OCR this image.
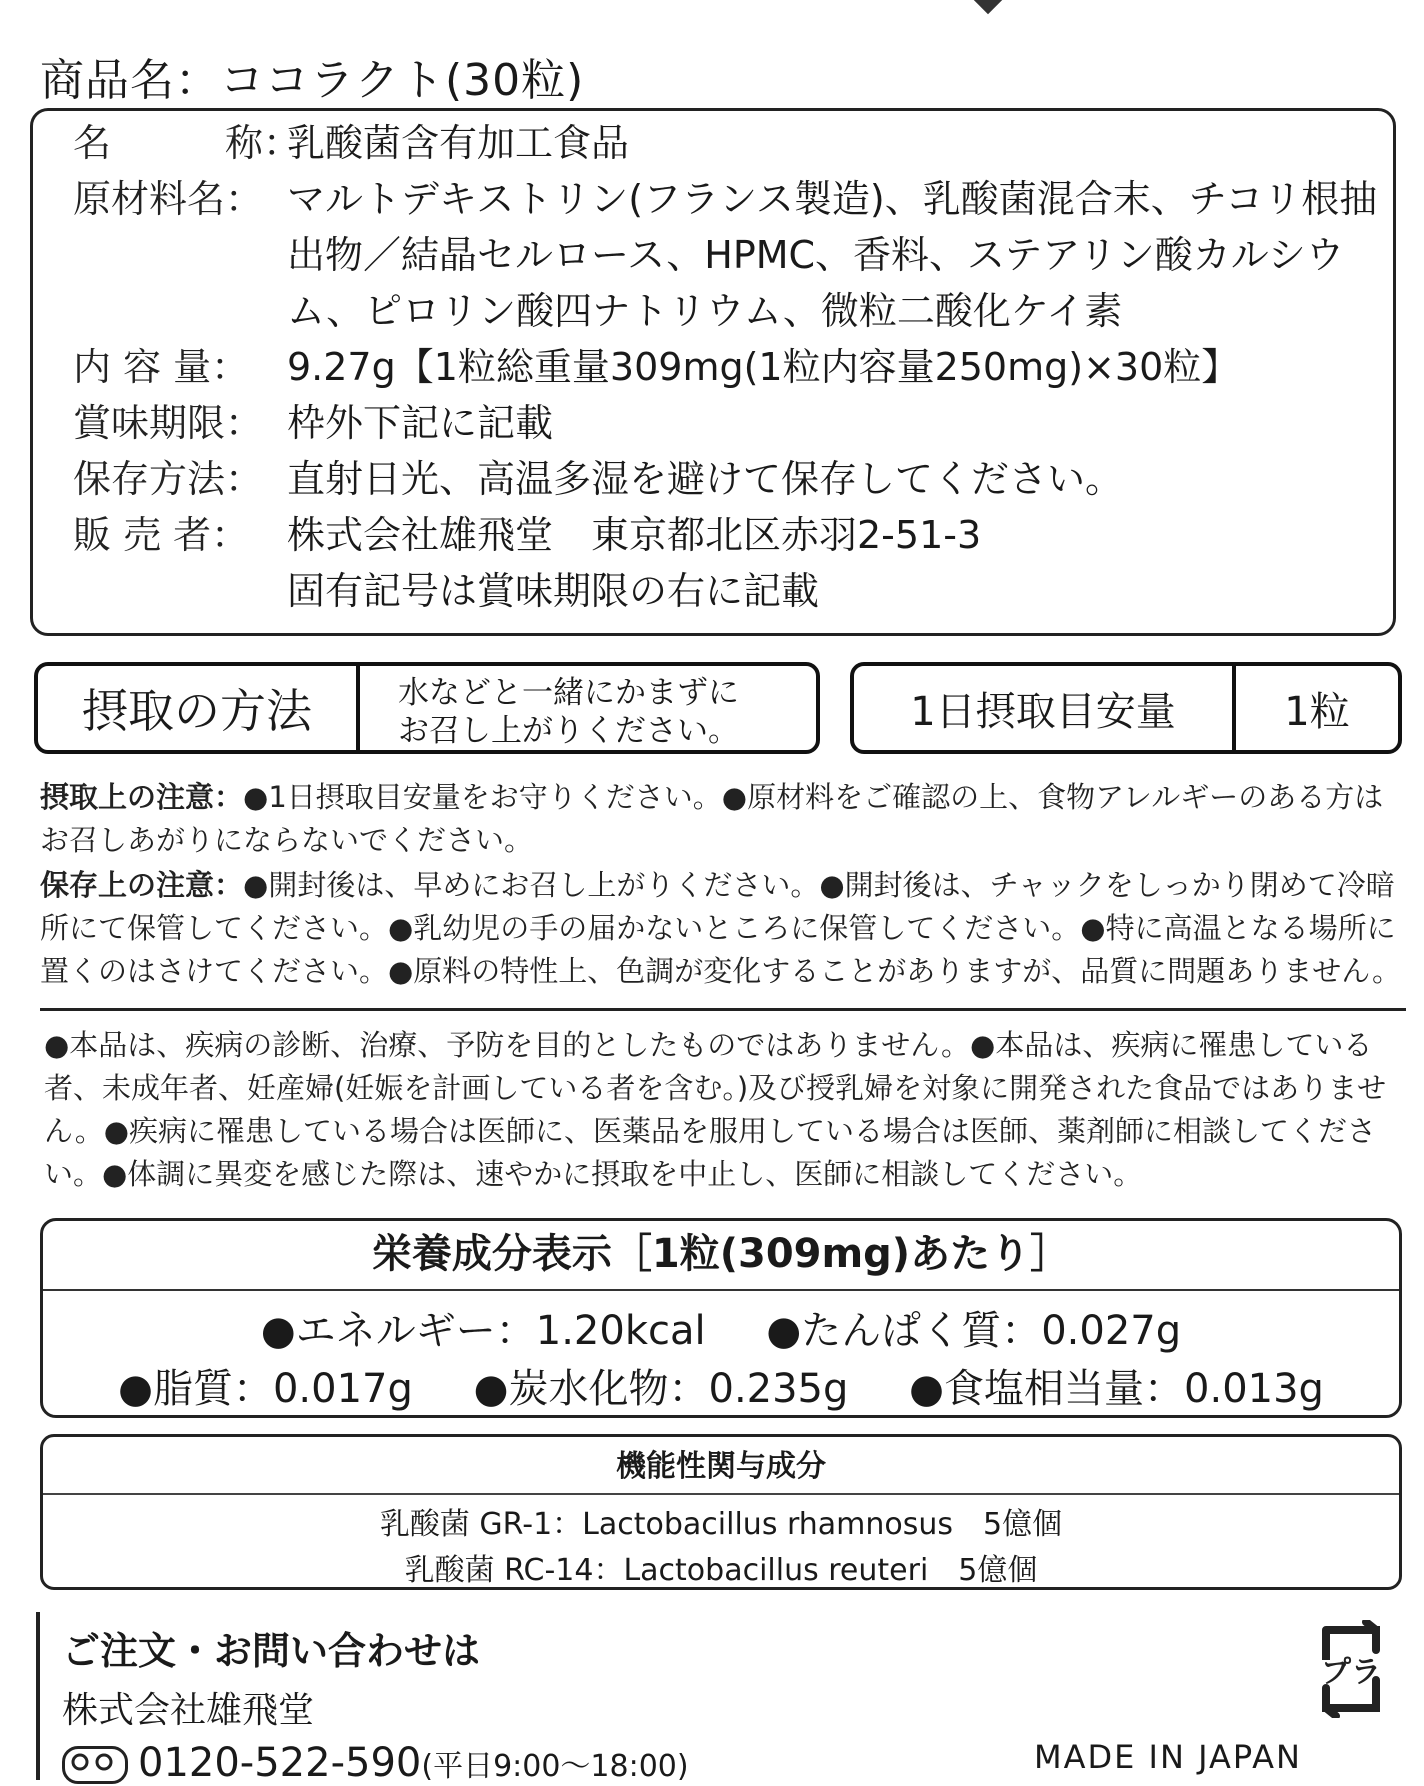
商品名：ココラクト(30粒)
名　　　称：
乳酸菌含有加工食品
原材料名： マルトデキストリン(フランス製造)、乳酸菌混合末、チコリ根抽出物／結晶セルロース、HPMC、香料、ステアリン酸カルシウム、ピロリン酸四ナトリウム、微粒二酸化ケイ素
内 容 量： 9.27g【1粒総重量309mg(1粒内容量250mg)×30粒】
賞味期限： 枠外下記に記載
保存方法： 直射日光、高温多湿を避けて保存してください。
販 売 者： 株式会社雄飛堂　東京都北区赤羽2-51-3
固有記号は賞味期限の右に記載
摂取の方法	水などと一緒にかまずに
お召し上がりください。	1日摂取目安量	1粒
摂取上の注意：●1日摂取目安量をお守りください。●原材料をご確認の上、食物アレルギーのある方はお召しあがりにならないでください。
保存上の注意：●開封後は、早めにお召し上がりください。●開封後は、チャックをしっかり閉めて冷暗所にて保管してください。●乳幼児の手の届かないところに保管してください。●特に高温となる場所に置くのはさけてください。●原料の特性上、色調が変化することがありますが、品質に問題ありません。
●本品は、疾病の診断、治療、予防を目的としたものではありません。●本品は、疾病に罹患している者、未成年者、妊産婦(妊娠を計画している者を含む。)及び授乳婦を対象に開発された食品ではありません。●疾病に罹患している場合は医師に、医薬品を服用している場合は医師、薬剤師に相談してください。●体調に異変を感じた際は、速やかに摂取を中止し、医師に相談してください。
栄養成分表示［1粒(309mg)あたり］
●エネルギー：1.20kcal ●たんぱく質：0.027g
●脂質：0.017g ●炭水化物：0.235g ●食塩相当量：0.013g
機能性関与成分
乳酸菌 GR-1：Lactobacillus rhamnosus　5億個
乳酸菌 RC-14：Lactobacillus reuteri　5億個
ご注文・お問い合わせは
株式会社雄飛堂
0120-522-590(平日9:00～18:00)
プラ
MADE IN JAPAN
